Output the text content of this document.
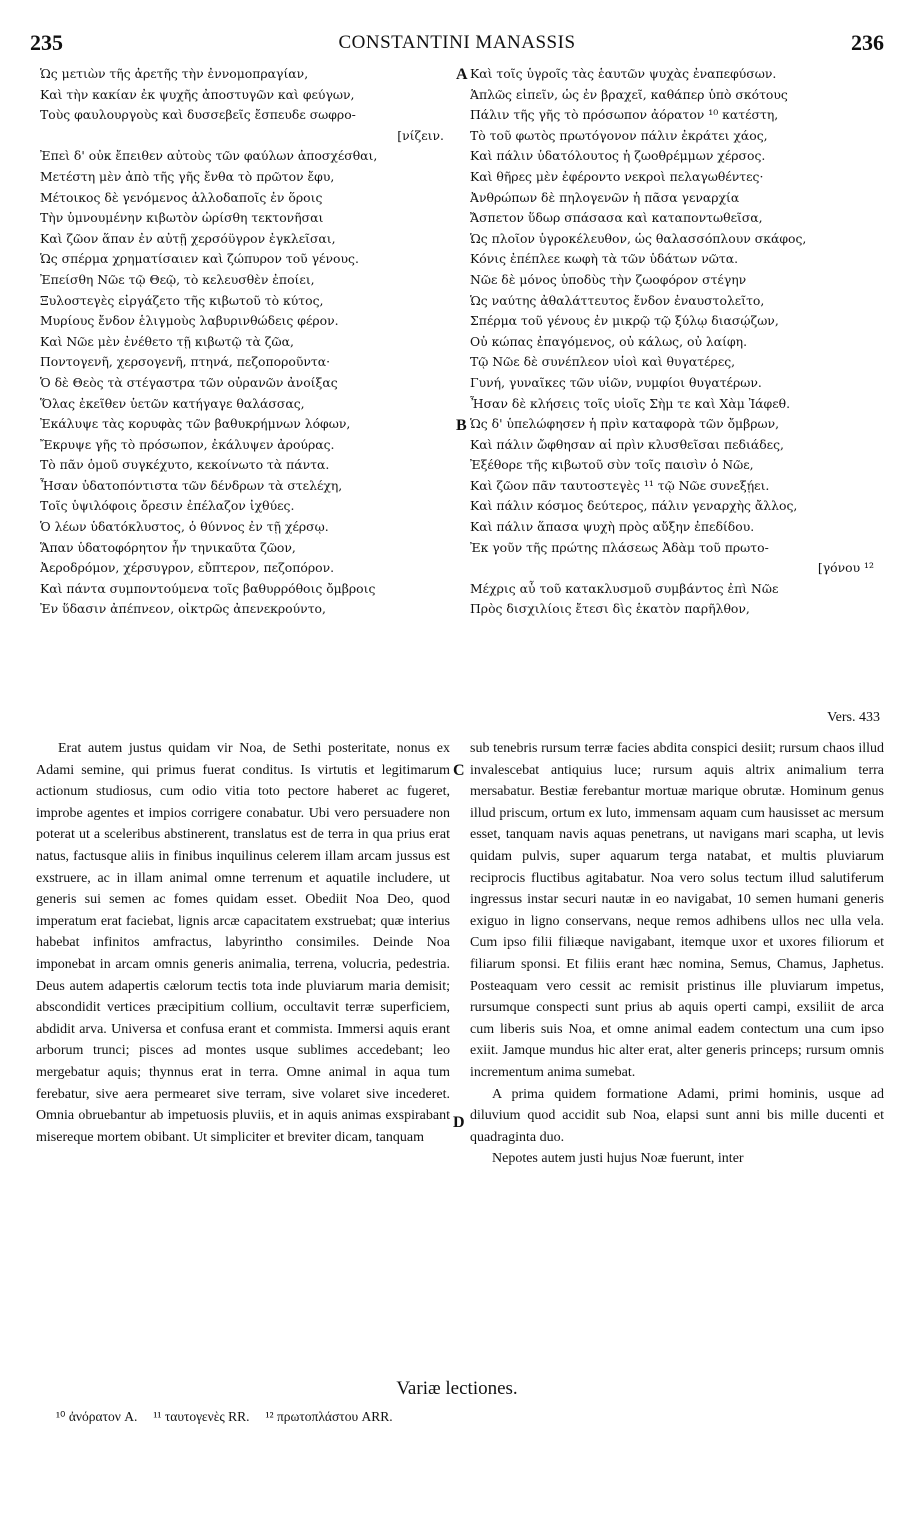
235	CONSTANTINI MANASSIS	236
Ὡς μετιὼν τῆς ἀρετῆς τὴν ἐννομοπραγίαν,
Καὶ τὴν κακίαν ἐκ ψυχῆς ἀποστυγῶν καὶ φεύγων,
Τοὺς φαυλουργοὺς καὶ δυσσεβεῖς ἔσπευδε σωφρο-
[νίζειν.
Ἐπεὶ δ' οὐκ ἔπειθεν αὐτοὺς τῶν φαύλων ἀποσχέσθαι,
Μετέστη μὲν ἀπὸ τῆς γῆς ἔνθα τὸ πρῶτον ἔφυ,
Μέτοικος δὲ γενόμενος ἀλλοδαποῖς ἐν ὅροις
Τὴν ὑμνουμένην κιβωτὸν ὠρίσθη τεκτονῆσαι
Καὶ ζῶον ἅπαν ἐν αὐτῇ χερσόϋγρον ἐγκλεῖσαι,
Ὡς σπέρμα χρηματίσαιεν καὶ ζώπυρον τοῦ γένους.
Ἐπείσθη Νῶε τῷ Θεῷ, τὸ κελευσθὲν ἐποίει,
Ξυλοστεγὲς εἰργάζετο τῆς κιβωτοῦ τὸ κύτος,
Μυρίους ἔνδον ἑλιγμοὺς λαβυρινθώδεις φέρον.
Καὶ Νῶε μὲν ἐνέθετο τῇ κιβωτῷ τὰ ζῶα,
Ποντογενῆ, χερσογενῆ, πτηνά, πεζοποροῦντα·
Ὁ δὲ Θεὸς τὰ στέγαστρα τῶν οὐρανῶν ἀνοίξας
Ὅλας ἐκεῖθεν ὑετῶν κατήγαγε θαλάσσας,
Ἐκάλυψε τὰς κορυφὰς τῶν βαθυκρήμνων λόφων,
Ἔκρυψε γῆς τὸ πρόσωπον, ἐκάλυψεν ἀρούρας.
Τὸ πᾶν ὁμοῦ συγκέχυτο, κεκοίνωτο τὰ πάντα.
Ἦσαν ὑδατοπόντιστα τῶν δένδρων τὰ στελέχη,
Τοῖς ὑψιλόφοις ὄρεσιν ἐπέλαζον ἰχθύες.
Ὁ λέων ὑδατόκλυστος, ὁ θύννος ἐν τῇ χέρσῳ.
Ἅπαν ὑδατοφόρητον ἦν τηνικαῦτα ζῶον,
Ἀεροδρόμον, χέρσυγρον, εὔπτερον, πεζοπόρον.
Καὶ πάντα συμποντούμενα τοῖς βαθυρρόθοις ὄμβροις
Ἐν ὕδασιν ἀπέπνεον, οἰκτρῶς ἀπενεκρούντο,
Καὶ τοῖς ὑγροῖς τὰς ἑαυτῶν ψυχὰς ἐναπεφύσων.
Ἁπλῶς εἰπεῖν, ὡς ἐν βραχεῖ, καθάπερ ὑπὸ σκότους
Πάλιν τῆς γῆς τὸ πρόσωπον ἀόρατον ¹⁰ κατέστη,
Τὸ τοῦ φωτὸς πρωτόγονον πάλιν ἐκράτει χάος,
Καὶ πάλιν ὑδατόλουτος ἡ ζωοθρέμμων χέρσος.
Καὶ θῆρες μὲν ἐφέροντο νεκροὶ πελαγωθέντες·
Ἀνθρώπων δὲ πηλογενῶν ἡ πᾶσα γεναρχία
Ἄσπετον ὕδωρ σπάσασα καὶ καταποντωθεῖσα,
Ὡς πλοῖον ὑγροκέλευθον, ὡς θαλασσόπλουν σκάφος,
Κόνις ἐπέπλεε κωφὴ τὰ τῶν ὑδάτων νῶτα.
Νῶε δὲ μόνος ὑποδὺς τὴν ζωοφόρον στέγην
Ὡς ναύτης ἀθαλάττευτος ἔνδον ἐναυστολεῖτο,
Σπέρμα τοῦ γένους ἐν μικρῷ τῷ ξύλῳ διασῴζων,
Οὐ κώπας ἐπαγόμενος, οὐ κάλως, οὐ λαίφη.
Τῷ Νῶε δὲ συνέπλεον υἱοὶ καὶ θυγατέρες,
Γυνή, γυναῖκες τῶν υἱῶν, νυμφίοι θυγατέρων.
Ἦσαν δὲ κλήσεις τοῖς υἱοῖς Σὴμ τε καὶ Χὰμ Ἰάφεθ.
Ὡς δ' ὑπελώφησεν ἡ πρὶν καταφορὰ τῶν ὄμβρων,
Καὶ πάλιν ὤφθησαν αἱ πρὶν κλυσθεῖσαι πεδιάδες,
Ἐξέθορε τῆς κιβωτοῦ σὺν τοῖς παισὶν ὁ Νῶε,
Καὶ ζῶον πᾶν ταυτοστεγὲς ¹¹ τῷ Νῶε συνεξῄει.
Καὶ πάλιν κόσμος δεύτερος, πάλιν γεναρχὴς ἄλλος,
Καὶ πάλιν ἅπασα ψυχὴ πρὸς αὔξην ἐπεδίδου.
Ἐκ γοῦν τῆς πρώτης πλάσεως Ἀδὰμ τοῦ πρωτο-
[γόνου ¹²
Μέχρις αὖ τοῦ κατακλυσμοῦ συμβάντος ἐπὶ Νῶε
Πρὸς δισχιλίοις ἔτεσι δὶς ἑκατὸν παρῆλθον,
A
B
C
D
Vers. 433

Erat autem justus quidam vir Noa, de Sethi posteritate, nonus ex Adami semine, qui primus fuerat conditus. Is virtutis et legitimarum actionum studiosus, cum odio vitia toto pectore haberet ac fugeret, improbe agentes et impios corrigere conabatur. Ubi vero persuadere non poterat ut a sceleribus abstinerent, translatus est de terra in qua prius erat natus, factusque aliis in finibus inquilinus celerem illam arcam jussus est exstruere, ac in illam animal omne terrenum et aquatile includere, ut generis sui semen ac fomes quidam esset. Obediit Noa Deo, quod imperatum erat faciebat, lignis arcæ capacitatem exstruebat; quæ interius habebat infinitos amfractus, labyrintho consimiles. Deinde Noa imponebat in arcam omnis generis animalia, terrena, volucria, pedestria. Deus autem adapertis cælorum tectis tota inde pluviarum maria demisit; abscondidit vertices præcipitium collium, occultavit terræ superficiem, abdidit arva. Universa et confusa erant et commista. Immersi aquis erant arborum trunci; pisces ad montes usque sublimes accedebant; leo mergebatur aquis; thynnus erat in terra. Omne animal in aqua tum ferebatur, sive aera permearet sive terram, sive volaret sive incederet. Omnia obruebantur ab impetuosis pluviis, et in aquis animas exspirabant misereque mortem obibant. Ut simpliciter et breviter dicam, tanquam

sub tenebris rursum terræ facies abdita conspici desiit; rursum chaos illud invalescebat antiquius luce; rursum aquis altrix animalium terra mersabatur. Bestiæ ferebantur mortuæ marique obrutæ. Hominum genus illud priscum, ortum ex luto, immensam aquam cum hausisset ac mersum esset, tanquam navis aquas penetrans, ut navigans mari scapha, ut levis quidam pulvis, super aquarum terga natabat, et multis pluviarum reciprocis fluctibus agitabatur. Noa vero solus tectum illud salutiferum ingressus instar securi nautæ in eo navigabat, 10 semen humani generis exiguo in ligno conservans, neque remos adhibens ullos nec ulla vela. Cum ipso filii filiæque navigabant, itemque uxor et uxores filiorum et filiarum sponsi. Et filiis erant hæc nomina, Semus, Chamus, Japhetus. Posteaquam vero cessit ac remisit pristinus ille pluviarum impetus, rursumque conspecti sunt prius ab aquis operti campi, exsiliit de arca cum liberis suis Noa, et omne animal eadem contectum una cum ipso exiit. Jamque mundus hic alter erat, alter generis princeps; rursum omnis incrementum anima sumebat.

A prima quidem formatione Adami, primi hominis, usque ad diluvium quod accidit sub Noa, elapsi sunt anni bis mille ducenti et quadraginta duo.

Nepotes autem justi hujus Noæ fuerunt, inter

Variæ lectiones.
¹⁰ ἀνόρατον A. ¹¹ ταυτογενὲς RR. ¹² πρωτοπλάστου ARR.
